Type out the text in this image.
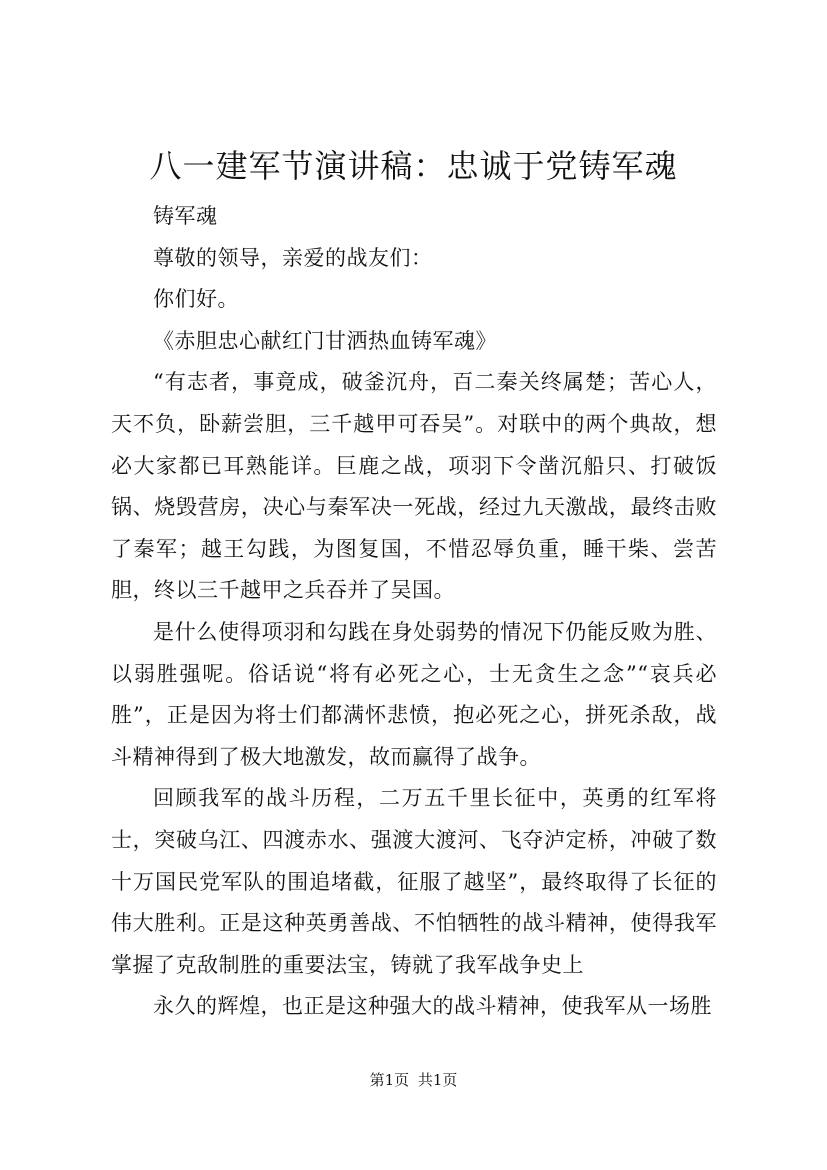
八一建军节演讲稿：忠诚于党铸军魂

铸军魂

尊敬的领导，亲爱的战友们：

你们好。

《赤胆忠心献红门甘洒热血铸军魂》

“有志者，事竟成，破釜沉舟，百二秦关终属楚；苦心人，天不负，卧薪尝胆，三千越甲可吞吴”。对联中的两个典故，想必大家都已耳熟能详。巨鹿之战，项羽下令凿沉船只、打破饭锅、烧毁营房，决心与秦军决一死战，经过九天激战，最终击败了秦军；越王勾践，为图复国，不惜忍辱负重，睡干柴、尝苦胆，终以三千越甲之兵吞并了吴国。

是什么使得项羽和勾践在身处弱势的情况下仍能反败为胜、以弱胜强呢。俗话说“将有必死之心，士无贪生之念”“哀兵必胜”，正是因为将士们都满怀悲愤，抱必死之心，拼死杀敌，战斗精神得到了极大地激发，故而赢得了战争。

回顾我军的战斗历程，二万五千里长征中，英勇的红军将士，突破乌江、四渡赤水、强渡大渡河、飞夺泸定桥，冲破了数十万国民党军队的围追堵截，征服了越坚”，最终取得了长征的伟大胜利。正是这种英勇善战、不怕牺牲的战斗精神，使得我军掌握了克敌制胜的重要法宝，铸就了我军战争史上

永久的辉煌，也正是这种强大的战斗精神，使我军从一场胜

第1页 共1页
